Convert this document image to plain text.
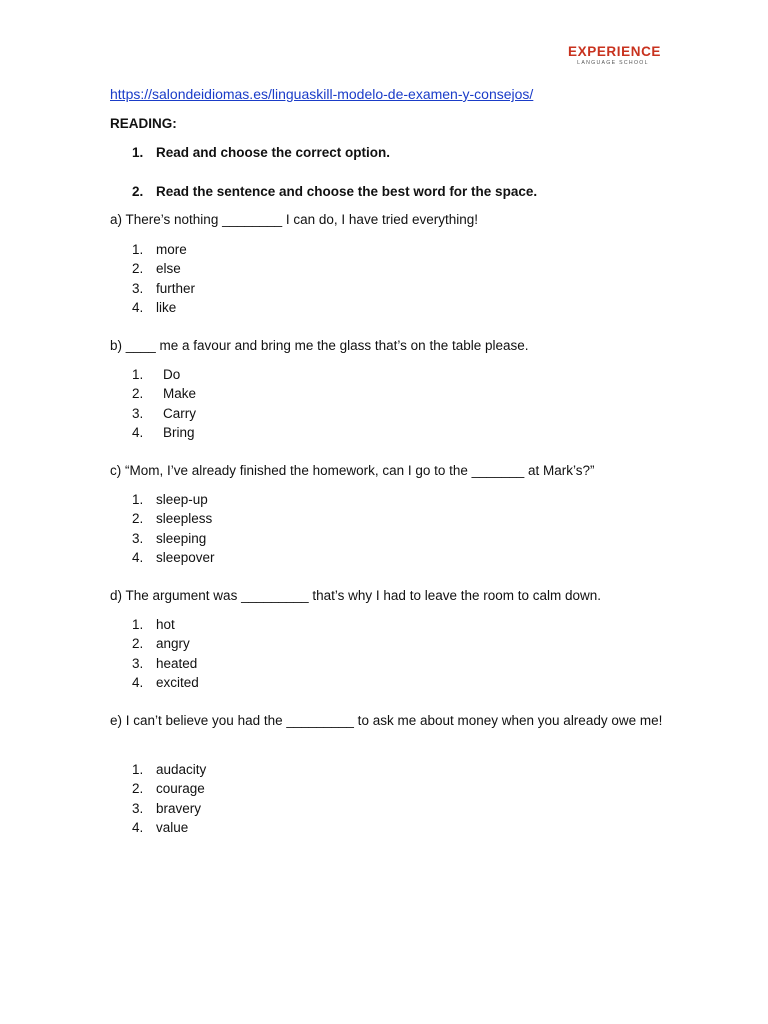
EXPERIENCE
LANGUAGE SCHOOL
https://salondeidiomas.es/linguaskill-modelo-de-examen-y-consejos/
READING:
1. Read and choose the correct option.
2. Read the sentence and choose the best word for the space.
a) There’s nothing ________ I can do, I have tried everything!
1. more
2. else
3. further
4. like
b) ____ me a favour and bring me the glass that’s on the table please.
1. Do
2. Make
3. Carry
4. Bring
c) “Mom, I’ve already finished the homework, can I go to the _______ at Mark’s?”
1. sleep-up
2. sleepless
3. sleeping
4. sleepover
d) The argument was _________ that’s why I had to leave the room to calm down.
1. hot
2. angry
3. heated
4. excited
e) I can’t believe you had the _________ to ask me about money when you already owe me!
1. audacity
2. courage
3. bravery
4. value
